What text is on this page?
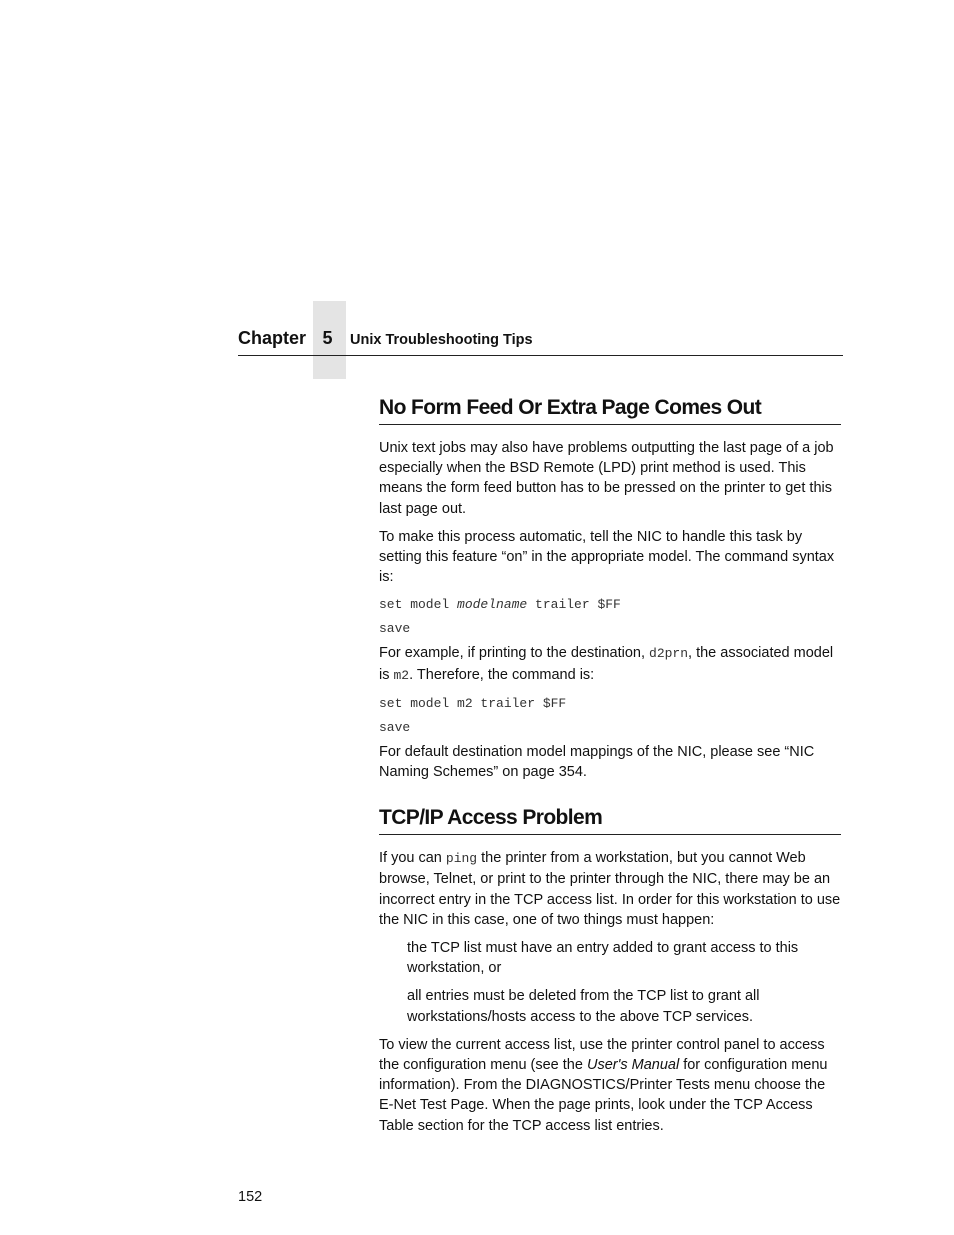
Chapter 5	Unix Troubleshooting Tips
No Form Feed Or Extra Page Comes Out

Unix text jobs may also have problems outputting the last page of a job especially when the BSD Remote (LPD) print method is used. This means the form feed button has to be pressed on the printer to get this last page out.

To make this process automatic, tell the NIC to handle this task by setting this feature “on” in the appropriate model. The command syntax is:

set model modelname trailer $FF
save

For example, if printing to the destination, d2prn, the associated model is m2. Therefore, the command is:

set model m2 trailer $FF
save

For default destination model mappings of the NIC, please see “NIC Naming Schemes” on page 354.

TCP/IP Access Problem

If you can ping the printer from a workstation, but you cannot Web browse, Telnet, or print to the printer through the NIC, there may be an incorrect entry in the TCP access list. In order for this workstation to use the NIC in this case, one of two things must happen:

the TCP list must have an entry added to grant access to this workstation, or

all entries must be deleted from the TCP list to grant all workstations/hosts access to the above TCP services.

To view the current access list, use the printer control panel to access the configuration menu (see the User's Manual for configuration menu information). From the DIAGNOSTICS/Printer Tests menu choose the E-Net Test Page. When the page prints, look under the TCP Access Table section for the TCP access list entries.

152
